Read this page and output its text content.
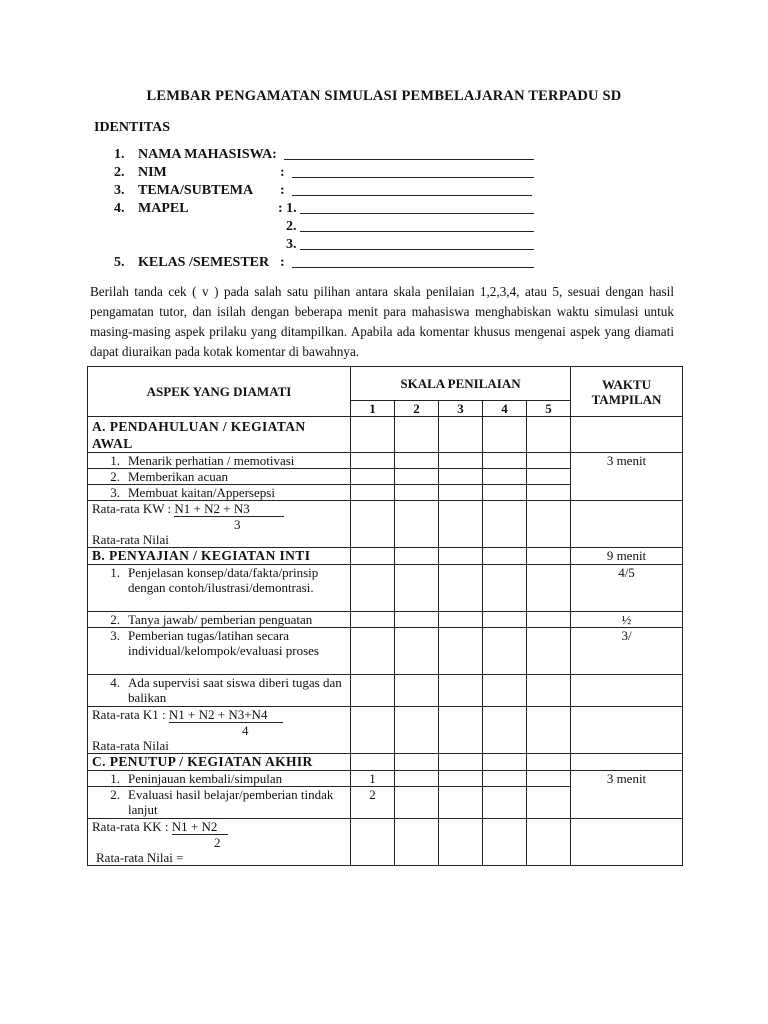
LEMBAR PENGAMATAN SIMULASI PEMBELAJARAN TERPADU SD
IDENTITAS
1. NAMA MAHASISWA:
2. NIM	:
3. TEMA/SUBTEMA :
4. MAPEL	: 1.
2.
3.
5. KELAS /SEMESTER :
Berilah tanda cek ( v ) pada salah satu pilihan antara skala penilaian 1,2,3,4, atau 5, sesuai dengan hasil pengamatan tutor, dan isilah dengan beberapa menit para mahasiswa menghabiskan waktu simulasi untuk masing-masing aspek prilaku yang ditampilkan. Apabila ada komentar khusus mengenai aspek yang diamati dapat diuraikan pada kotak komentar di bawahnya.
ASPEK YANG DIAMATI	SKALA PENILAIAN					WAKTU TAMPILAN
	1	2	3	4	5	
A. PENDAHULUAN / KEGIATAN AWAL						

1. Menarik perhatian / memotivasi						3 menit

2. Memberikan acuan						

3. Membuat kaitan/Appersepsi						

Rata-rata KW : N1 + N2 + N3
3
Rata-rata Nilai						

B. PENYAJIAN / KEGIATAN INTI						9 menit

1. Penjelasan konsep/data/fakta/prinsip dengan contoh/ilustrasi/demontrasi.						4/5

2. Tanya jawab/ pemberian penguatan						½

3. Pemberian tugas/latihan secara individual/kelompok/evaluasi proses						3/

4. Ada supervisi saat siswa diberi tugas dan balikan						

Rata-rata K1 : N1 + N2 + N3+N4
4
Rata-rata Nilai						

C. PENUTUP / KEGIATAN AKHIR						

1. Peninjauan kembali/simpulan	1					3 menit

2. Evaluasi hasil belajar/pemberian tindak lanjut	2					

Rata-rata KK : N1 + N2
2
Rata-rata Nilai =						
